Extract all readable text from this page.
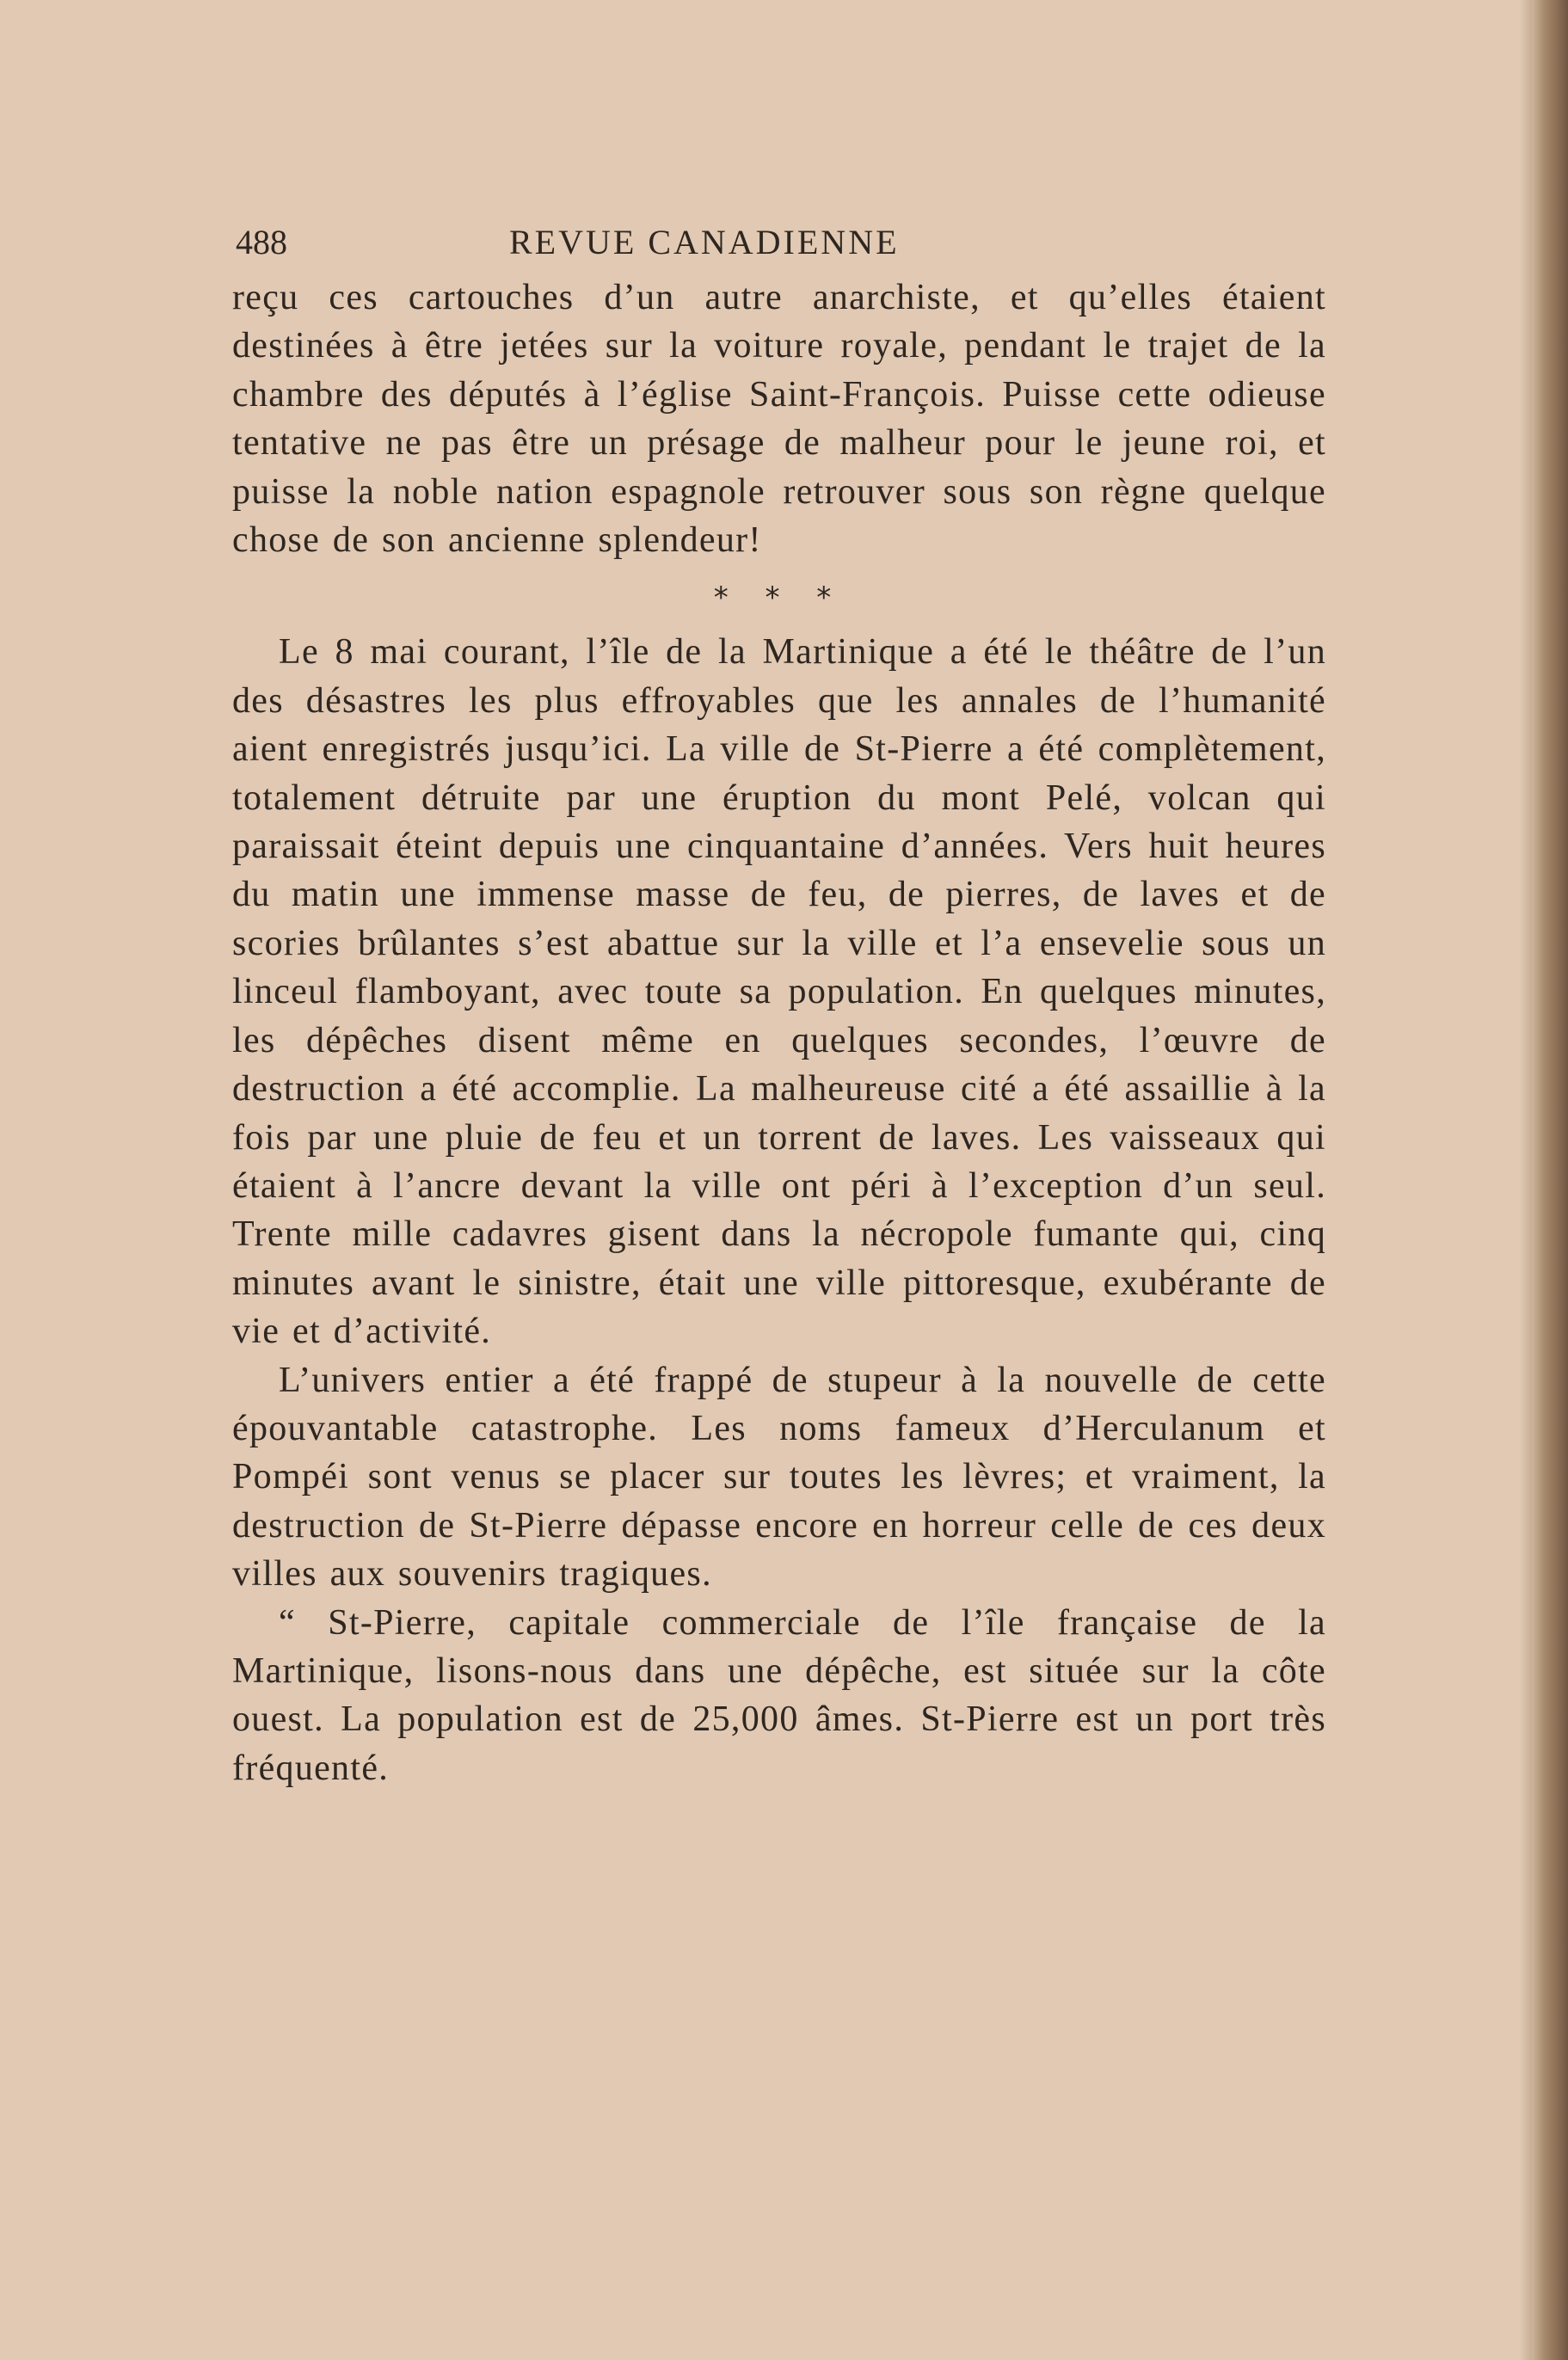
488	REVUE CANADIENNE

reçu ces cartouches d’un autre anarchiste, et qu’elles étaient destinées à être jetées sur la voiture royale, pendant le trajet de la chambre des députés à l’église Saint-François. Puisse cette odieuse tentative ne pas être un présage de malheur pour le jeune roi, et puisse la noble nation espagnole retrouver sous son règne quelque chose de son ancienne splendeur!

* * *

Le 8 mai courant, l’île de la Martinique a été le théâtre de l’un des désastres les plus effroyables que les annales de l’humanité aient enregistrés jusqu’ici. La ville de St-Pierre a été complètement, totalement détruite par une éruption du mont Pelé, volcan qui paraissait éteint depuis une cinquantaine d’années. Vers huit heures du matin une immense masse de feu, de pierres, de laves et de scories brûlantes s’est abattue sur la ville et l’a ensevelie sous un linceul flamboyant, avec toute sa population. En quelques minutes, les dépêches disent même en quelques secondes, l’œuvre de destruction a été accomplie. La malheureuse cité a été assaillie à la fois par une pluie de feu et un torrent de laves. Les vaisseaux qui étaient à l’ancre devant la ville ont péri à l’exception d’un seul. Trente mille cadavres gisent dans la nécropole fumante qui, cinq minutes avant le sinistre, était une ville pittoresque, exubérante de vie et d’activité.

L’univers entier a été frappé de stupeur à la nouvelle de cette épouvantable catastrophe. Les noms fameux d’Herculanum et Pompéi sont venus se placer sur toutes les lèvres; et vraiment, la destruction de St-Pierre dépasse encore en horreur celle de ces deux villes aux souvenirs tragiques.

“ St-Pierre, capitale commerciale de l’île française de la Martinique, lisons-nous dans une dépêche, est située sur la côte ouest. La population est de 25,000 âmes. St-Pierre est un port très fréquenté.
